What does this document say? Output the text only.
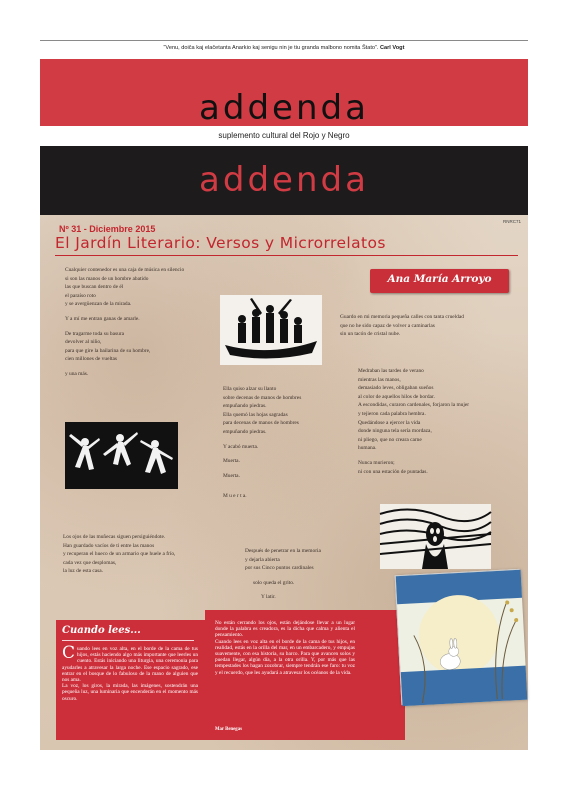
“Venu, doiĉa kaj elaĉetanta Anarkio kaj senigu nin je tiu granda malbono nomita Ŝtato”. Carl Vogt
addenda
suplemento cultural del Rojo y Negro
addenda
RNRC71
Nº 31 - Diciembre 2015
El Jardín Literario: Versos y Microrrelatos
Ana María Arroyo

Cualquier contenedor es una caja de música en silencio

si son las manos de un hombre abatido

las que buscan dentro de él

el paraíso roto

y se avergüenzan de la mirada.

Y a mí me entran ganas de amarle.

De tragarme toda su basura

devolver al niño,

para que gire la bailarina de su hombre,

cien millones de vueltas

y una más.

Los ojos de las muñecas siguen persiguiéndote.

Han guardado vacíos de ti entre las manos

y recuperan el hueco de un armario que huele a frío,

cada vez que desplomas,

la luz de esta casa.

Ella quiso alzar su llanto

sobre decenas de manos de hombres

empuñando piedras.

Ella quemó las hojas sagradas

para decenas de manos de hombres

empuñando piedras.

Y acabó muerta.

Muerta.

Muerta.

M u e r t a.

Después de penetrar en la memoria

y dejarla abierta

por sus Cinco puntos cardinales

solo queda el grito.

Y latir.

Guardo en mi memoria pequeña calles con tanta crueldad

que no he sido capaz de volver a caminarlas

sin un tacón de cristal nube.

Medraban las tardes de verano

mientras las manos,

demasiado leves, obligaban sueños

al color de aquellos hilos de bordar.

A escondidas, curaron cardenales, forjaron la mujer

y tejieron cada palabra hembra.

Quedándose a ejercer la vida

donde ninguna tela sería mordaza,

ni pliego, que no creara carne

humana.

Nunca murieron;

ni con una estación de puntadas.

Cuando lees...

Cuando lees en voz alta, en el borde de la cama de tus hijos, estás haciendo algo más importante que leerles un cuento. Estás iniciando una liturgia, una ceremonia para ayudarles a atravesar la larga noche. Ese espacio sagrado, ese entrar en el bosque de lo fabuloso de la mano de alguien que nos ama.

La voz, los giros, la mirada, las imágenes, sostendrán una pequeña luz, una luminaria que encenderán en el momento más oscuro.

Mar Benegas

No están cerrando los ojos, están dejándose llevar a un lugar donde la palabra es creadora, es la dicha que calma y alienta el pensamiento.

Cuando lees en voz alta en el borde de la cama de tus hijos, en realidad, estás en la orilla del mar, en un embarcadero, y empujas suavemente, con esa historia, su barco. Para que avancen solos y puedan llegar, algún día, a la otra orilla. Y, por más que las tempestades los hagan zozobrar, siempre tendrán ese faro: tu voz y el recuerdo, que les ayudará a atravesar los océanos de la vida.
